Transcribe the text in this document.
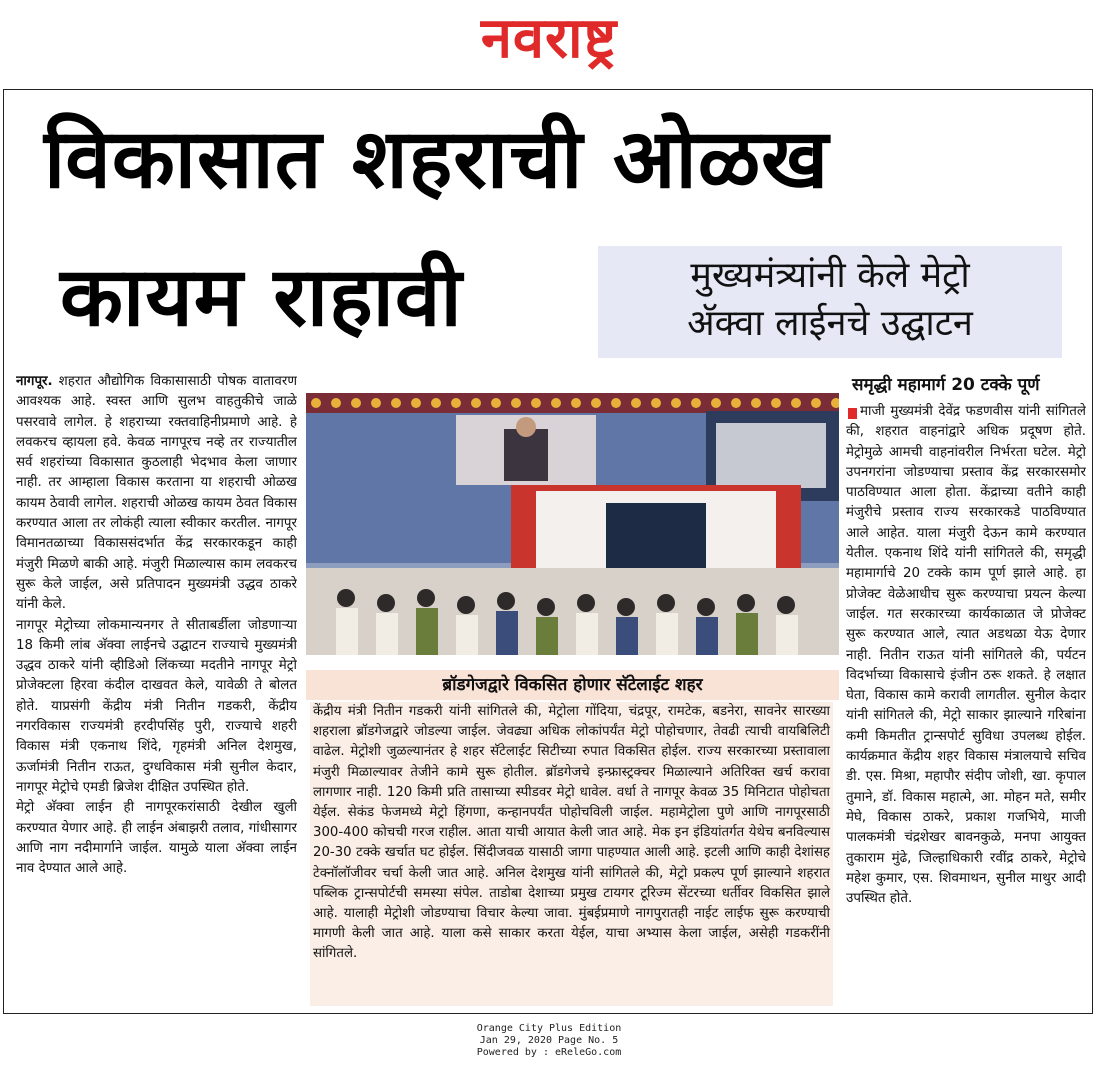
नवराष्ट्र
विकासात शहराची ओळख
कायम राहावी	मुख्यमंत्र्यांनी केले मेट्रो
अ‍ॅक्वा लाईनचे उद्घाटन

नागपूर. शहरात औद्योगिक विकासासाठी पोषक वातावरण आवश्यक आहे. स्वस्त आणि सुलभ वाहतुकीचे जाळे पसरवावे लागेल. हे शहराच्या रक्तवाहिनीप्रमाणे आहे. हे लवकरच व्हायला हवे. केवळ नागपूरच नव्हे तर राज्यातील सर्व शहरांच्या विकासात कुठलाही भेदभाव केला जाणार नाही. तर आम्हाला विकास करताना या शहराची ओळख कायम ठेवावी लागेल. शहराची ओळख कायम ठेवत विकास करण्यात आला तर लोकंही त्याला स्वीकार करतील. नागपूर विमानतळाच्या विकाससंदर्भात केंद्र सरकारकडून काही मंजुरी मिळणे बाकी आहे. मंजुरी मिळाल्यास काम लवकरच सुरू केले जाईल, असे प्रतिपादन मुख्यमंत्री उद्धव ठाकरे यांनी केले.

नागपूर मेट्रोच्या लोकमान्यनगर ते सीताबर्डीला जोडणाऱ्या 18 किमी लांब अ‍ॅक्वा लाईनचे उद्घाटन राज्याचे मुख्यमंत्री उद्धव ठाकरे यांनी व्हीडिओ लिंकच्या मदतीने नागपूर मेट्रो प्रोजेक्टला हिरवा कंदील दाखवत केले, यावेळी ते बोलत होते. याप्रसंगी केंद्रीय मंत्री नितीन गडकरी, केंद्रीय नगरविकास राज्यमंत्री हरदीपसिंह पुरी, राज्याचे शहरी विकास मंत्री एकनाथ शिंदे, गृहमंत्री अनिल देशमुख, ऊर्जामंत्री नितीन राऊत, दुग्धविकास मंत्री सुनील केदार, नागपूर मेट्रोचे एमडी ब्रिजेश दीक्षित उपस्थित होते.

मेट्रो अ‍ॅक्वा लाईन ही नागपूरकरांसाठी देखील खुली करण्यात येणार आहे. ही लाईन अंबाझरी तलाव, गांधीसागर आणि नाग नदीमार्गाने जाईल. यामुळे याला अ‍ॅक्वा लाईन नाव देण्यात आले आहे.

ब्रॉडगेजद्वारे विकसित होणार सॅटेलाईट शहर
केंद्रीय मंत्री नितीन गडकरी यांनी सांगितले की, मेट्रोला गोंदिया, चंद्रपूर, रामटेक, बडनेरा, सावनेर सारख्या शहराला ब्रॉडगेजद्वारे जोडल्या जाईल. जेवढ्या अधिक लोकांपर्यंत मेट्रो पोहोचणार, तेवढी त्याची वायबिलिटी वाढेल. मेट्रोशी जुळल्यानंतर हे शहर सॅटेलाईट सिटीच्या रुपात विकसित होईल. राज्य सरकारच्या प्रस्तावाला मंजुरी मिळाल्यावर तेजीने कामे सुरू होतील. ब्रॉडगेजचे इन्फ्रास्ट्रक्चर मिळाल्याने अतिरिक्त खर्च करावा लागणार नाही. 120 किमी प्रति तासाच्या स्पीडवर मेट्रो धावेल. वर्धा ते नागपूर केवळ 35 मिनिटात पोहोचता येईल. सेकंड फेजमध्ये मेट्रो हिंगणा, कन्हानपर्यंत पोहोचविली जाईल. महामेट्रोला पुणे आणि नागपूरसाठी 300-400 कोचची गरज राहील. आता याची आयात केली जात आहे. मेक इन इंडियांतर्गत येथेच बनविल्यास 20-30 टक्के खर्चात घट होईल. सिंदीजवळ यासाठी जागा पाहण्यात आली आहे. इटली आणि काही देशांसह टेक्नॉलॉजीवर चर्चा केली जात आहे. अनिल देशमुख यांनी सांगितले की, मेट्रो प्रकल्प पूर्ण झाल्याने शहरात पब्लिक ट्रान्सपोर्टची समस्या संपेल. ताडोबा देशाच्या प्रमुख टायगर टूरिज्म सेंटरच्या धर्तीवर विकसित झाले आहे. यालाही मेट्रोशी जोडण्याचा विचार केल्या जावा. मुंबईप्रमाणे नागपुरातही नाईट लाईफ सुरू करण्याची मागणी केली जात आहे. याला कसे साकार करता येईल, याचा अभ्यास केला जाईल, असेही गडकरींनी सांगितले.
समृद्धी महामार्ग 20 टक्के पूर्ण

माजी मुख्यमंत्री देवेंद्र फडणवीस यांनी सांगितले की, शहरात वाहनांद्वारे अधिक प्रदूषण होते. मेट्रोमुळे आमची वाहनांवरील निर्भरता घटेल. मेट्रो उपनगरांना जोडण्याचा प्रस्ताव केंद्र सरकारसमोर पाठविण्यात आला होता. केंद्राच्या वतीने काही मंजुरीचे प्रस्ताव राज्य सरकारकडे पाठविण्यात आले आहेत. याला मंजुरी देऊन कामे करण्यात येतील. एकनाथ शिंदे यांनी सांगितले की, समृद्धी महामार्गाचे 20 टक्के काम पूर्ण झाले आहे. हा प्रोजेक्ट वेळेआधीच सुरू करण्याचा प्रयत्न केल्या जाईल. गत सरकारच्या कार्यकाळात जे प्रोजेक्ट सुरू करण्यात आले, त्यात अडथळा येऊ देणार नाही. नितीन राऊत यांनी सांगितले की, पर्यटन विदर्भाच्या विकासाचे इंजीन ठरू शकते. हे लक्षात घेता, विकास कामे करावी लागतील. सुनील केदार यांनी सांगितले की, मेट्रो साकार झाल्याने गरिबांना कमी किमतीत ट्रान्सपोर्ट सुविधा उपलब्ध होईल. कार्यक्रमात केंद्रीय शहर विकास मंत्रालयाचे सचिव डी. एस. मिश्रा, महापौर संदीप जोशी, खा. कृपाल तुमाने, डॉ. विकास महात्मे, आ. मोहन मते, समीर मेघे, विकास ठाकरे, प्रकाश गजभिये, माजी पालकमंत्री चंद्रशेखर बावनकुळे, मनपा आयुक्त तुकाराम मुंढे, जिल्हाधिकारी रवींद्र ठाकरे, मेट्रोचे महेश कुमार, एस. शिवमाथन, सुनील माथुर आदी उपस्थित होते.

Orange City Plus Edition
Jan 29, 2020 Page No. 5
Powered by : eReleGo.com
